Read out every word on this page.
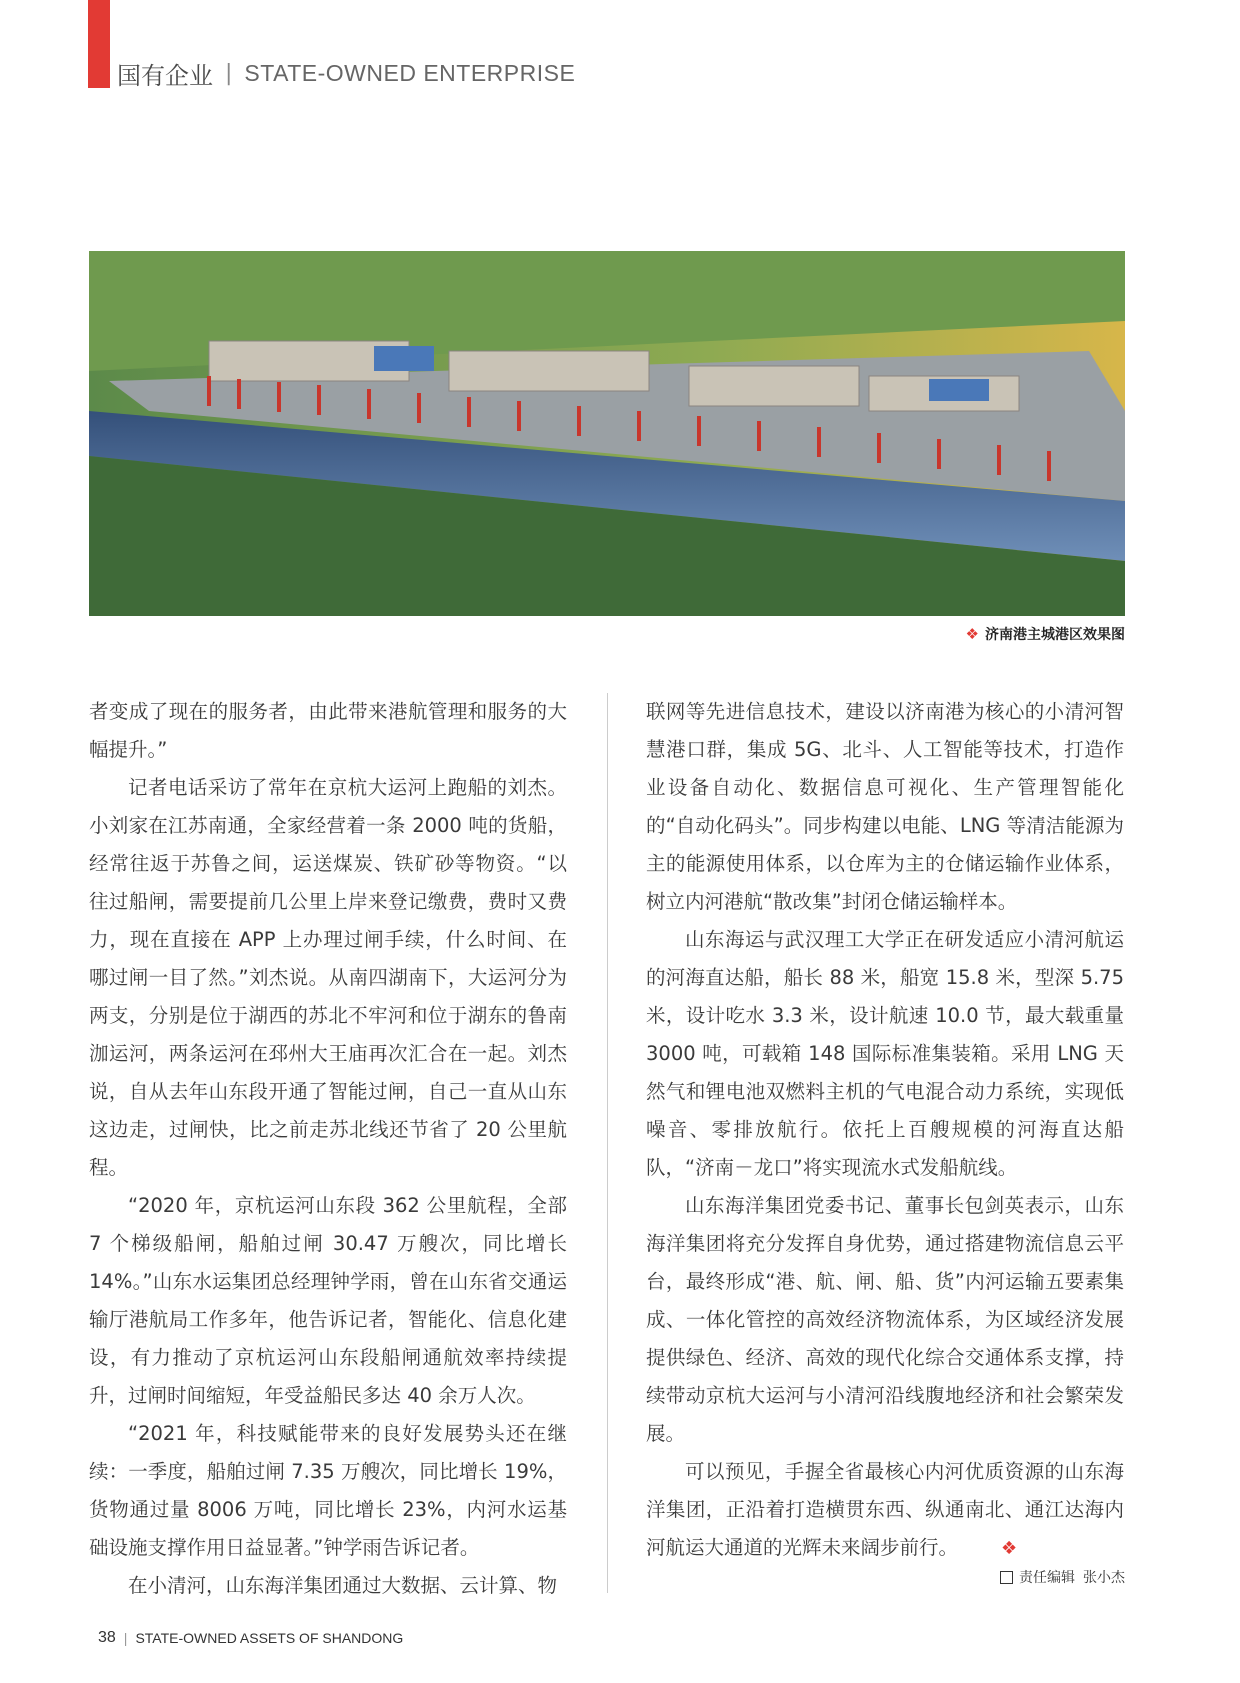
国有企业 | STATE-OWNED ENTERPRISE
❖ 济南港主城港区效果图

者变成了现在的服务者，由此带来港航管理和服务的大幅提升。”

记者电话采访了常年在京杭大运河上跑船的刘杰。小刘家在江苏南通，全家经营着一条 2000 吨的货船，经常往返于苏鲁之间，运送煤炭、铁矿砂等物资。“以往过船闸，需要提前几公里上岸来登记缴费，费时又费力，现在直接在 APP 上办理过闸手续，什么时间、在哪过闸一目了然。”刘杰说。从南四湖南下，大运河分为两支，分别是位于湖西的苏北不牢河和位于湖东的鲁南泇运河，两条运河在邳州大王庙再次汇合在一起。刘杰说，自从去年山东段开通了智能过闸，自己一直从山东这边走，过闸快，比之前走苏北线还节省了 20 公里航程。

“2020 年，京杭运河山东段 362 公里航程，全部 7 个梯级船闸，船舶过闸 30.47 万艘次，同比增长 14%。”山东水运集团总经理钟学雨，曾在山东省交通运输厅港航局工作多年，他告诉记者，智能化、信息化建设，有力推动了京杭运河山东段船闸通航效率持续提升，过闸时间缩短，年受益船民多达 40 余万人次。

“2021 年，科技赋能带来的良好发展势头还在继续：一季度，船舶过闸 7.35 万艘次，同比增长 19%，货物通过量 8006 万吨，同比增长 23%，内河水运基础设施支撑作用日益显著。”钟学雨告诉记者。

在小清河，山东海洋集团通过大数据、云计算、物

联网等先进信息技术，建设以济南港为核心的小清河智慧港口群，集成 5G、北斗、人工智能等技术，打造作业设备自动化、数据信息可视化、生产管理智能化的“自动化码头”。同步构建以电能、LNG 等清洁能源为主的能源使用体系，以仓库为主的仓储运输作业体系，树立内河港航“散改集”封闭仓储运输样本。

山东海运与武汉理工大学正在研发适应小清河航运的河海直达船，船长 88 米，船宽 15.8 米，型深 5.75 米，设计吃水 3.3 米，设计航速 10.0 节，最大载重量 3000 吨，可载箱 148 国际标准集装箱。采用 LNG 天然气和锂电池双燃料主机的气电混合动力系统，实现低噪音、零排放航行。依托上百艘规模的河海直达船队，“济南－龙口”将实现流水式发船航线。

山东海洋集团党委书记、董事长包剑英表示，山东海洋集团将充分发挥自身优势，通过搭建物流信息云平台，最终形成“港、航、闸、船、货”内河运输五要素集成、一体化管控的高效经济物流体系，为区域经济发展提供绿色、经济、高效的现代化综合交通体系支撑，持续带动京杭大运河与小清河沿线腹地经济和社会繁荣发展。

可以预见，手握全省最核心内河优质资源的山东海洋集团，正沿着打造横贯东西、纵通南北、通江达海内河航运大通道的光辉未来阔步前行。 ❖

责任编辑 张小杰
38 | STATE-OWNED ASSETS OF SHANDONG
